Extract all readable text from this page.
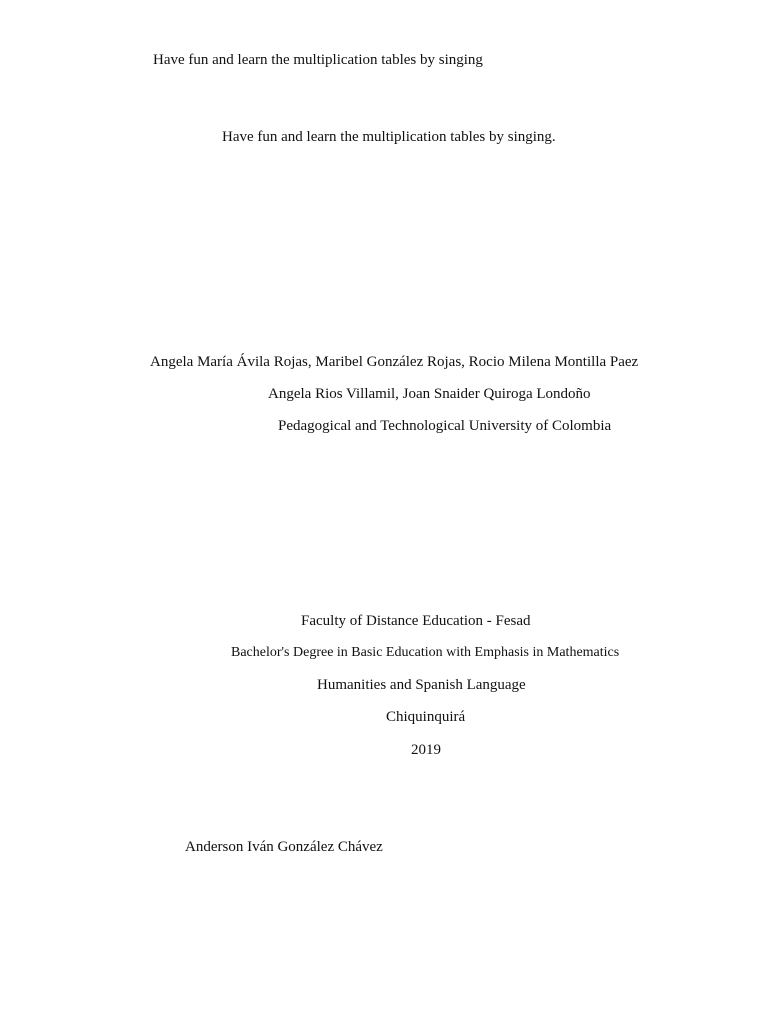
Have fun and learn the multiplication tables by singing
Have fun and learn the multiplication tables by singing.
Angela María Ávila Rojas, Maribel González Rojas, Rocio Milena Montilla Paez
Angela Rios Villamil, Joan Snaider Quiroga Londoño
Pedagogical and Technological University of Colombia
Faculty of Distance Education - Fesad
Bachelor's Degree in Basic Education with Emphasis in Mathematics
Humanities and Spanish Language
Chiquinquirá
2019
Anderson Iván González Chávez
